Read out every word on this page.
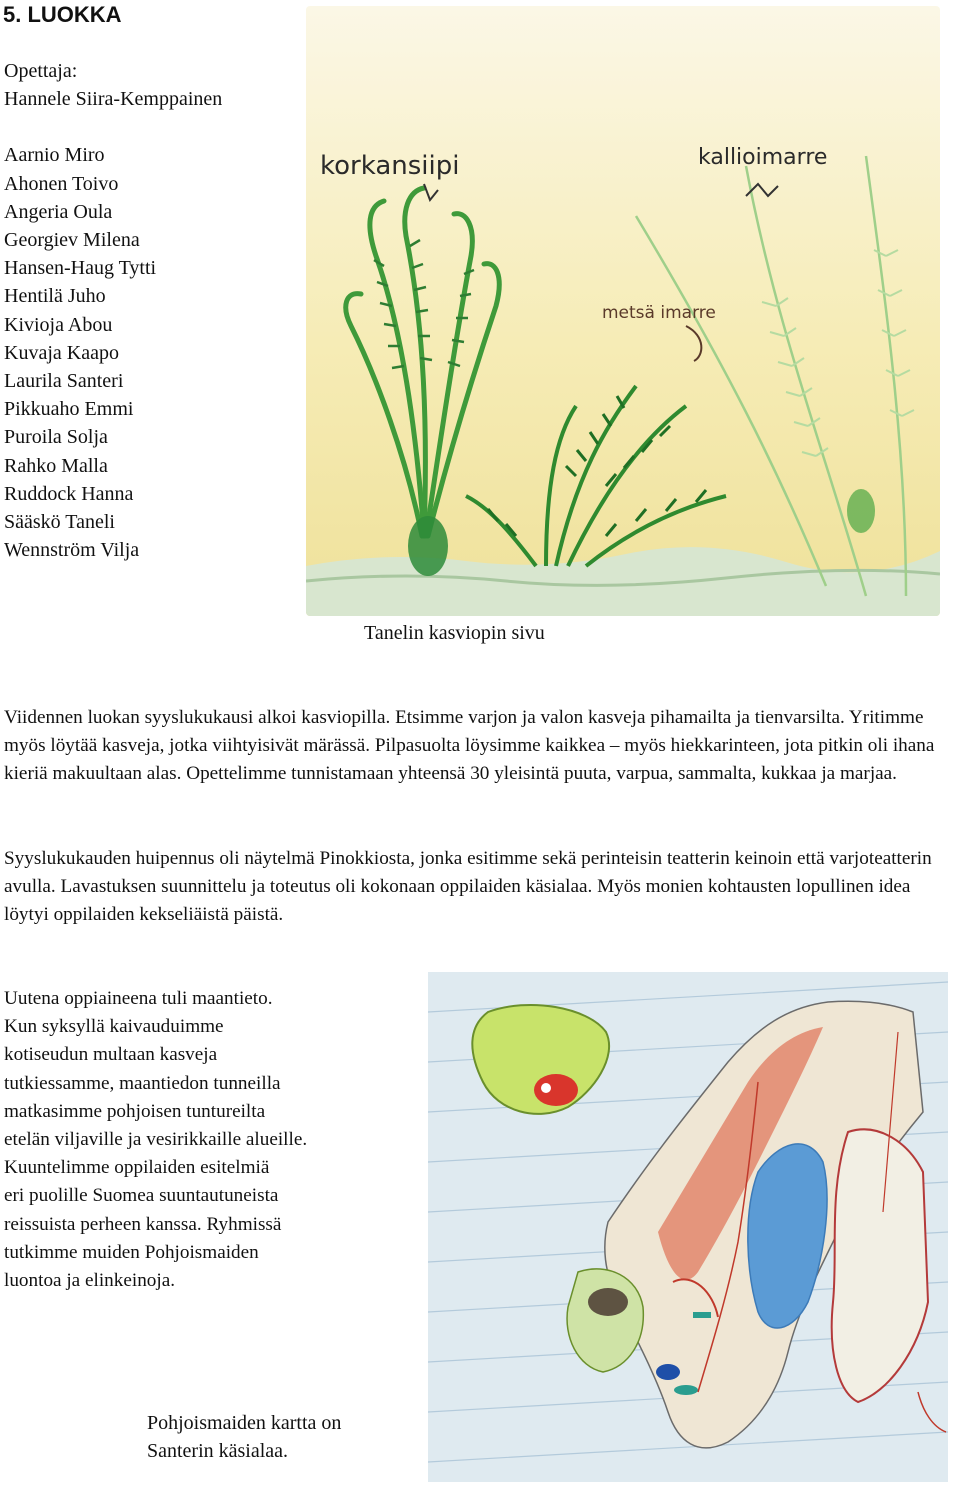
5. LUOKKA
Opettaja:
Hannele Siira-Kemppainen
Aarnio Miro
Ahonen Toivo
Angeria Oula
Georgiev Milena
Hansen-Haug Tytti
Hentilä Juho
Kivioja Abou
Kuvaja Kaapo
Laurila Santeri
Pikkuaho Emmi
Puroila Solja
Rahko Malla
Ruddock Hanna
Sääskö Taneli
Wennström Vilja
korkansiipi	kallioimarre
metsä imarre
Tanelin kasviopin sivu

Viidennen luokan syyslukukausi alkoi kasviopilla. Etsimme varjon ja valon kasveja pihamailta ja tienvarsilta. Yritimme myös löytää kasveja, jotka viihtyisivät märässä. Pilpasuolta löysimme kaikkea – myös hiekkarinteen, jota pitkin oli ihana kieriä makuultaan alas. Opettelimme tunnistamaan yhteensä 30 yleisintä puuta, varpua, sammalta, kukkaa ja marjaa.

Syyslukukauden huipennus oli näytelmä Pinokkiosta, jonka esitimme sekä perinteisin teatterin keinoin että varjoteatterin avulla. Lavastuksen suunnittelu ja toteutus oli kokonaan oppilaiden käsialaa. Myös monien kohtausten lopullinen idea löytyi oppilaiden kekseliäistä päistä.

Uutena oppiaineena tuli maantieto.
Kun syksyllä kaivauduimme
kotiseudun multaan kasveja
tutkiessamme, maantiedon tunneilla
matkasimme pohjoisen tuntureilta
etelän viljaville ja vesirikkaille alueille.
Kuuntelimme oppilaiden esitelmiä
eri puolille Suomea suuntautuneista
reissuista perheen kanssa. Ryhmissä
tutkimme muiden Pohjoismaiden
luontoa ja elinkeinoja.
Pohjoismaiden kartta on
Santerin käsialaa.
